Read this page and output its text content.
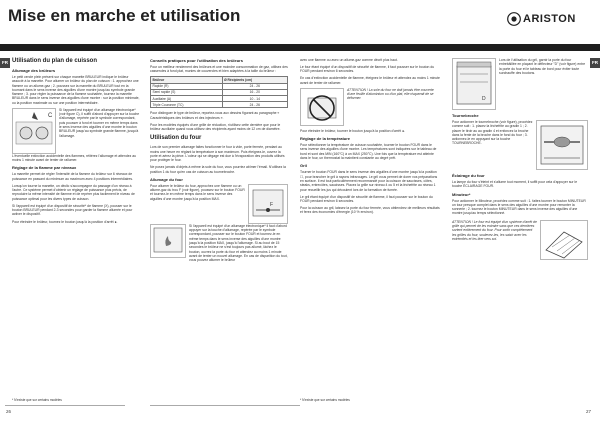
Mise en marche et utilisation	ARISTON
FR	FR
Utilisation du plan de cuisson
Allumage des brûleurs

Le petit cercle plein présent sur chaque manette BRULEUR indique le brûleur associé à la manette. Pour allumer un brûleur du plan de cuisson : 1. approchez une flamme ou un allume-gaz ; 2. poussez sur la manette du BRULEUR tout en la tournant dans le sens inverse des aiguilles d'une montre jusqu'au symbole grande flamme ; 3. pour régler la puissance de la flamme souhaitée, tournez la manette BRULEUR dans le sens inverse des aiguilles d'une montre : sur la position minimale, ou la position maximale ou sur une position intermédiaire.

C

Si l'appareil est équipé d'un allumage électronique* (voir figure C), il suffit d'abord d'appuyer sur la touche d'allumage, repérée par le symbole correspondant, puis pousser à fond et tourner en même temps dans le sens inverse des aiguilles d'une montre le bouton BRULEUR jusqu'au symbole grande flamme, jusqu'à l'allumage.

L'éventuelle extinction accidentelle des flammes, réitérez l'allumage et attendez au moins 1 minute avant de tenter de rallumer.

Réglage de la flamme par niveaux

La manette permet de régler l'intensité de la flamme du brûleur sur 6 niveaux de puissance en passant du minimum au maximum avec 4 positions intermédiaires.

Lorsqu'on tourne la manette, un déclic s'accompagne du passage d'un niveau à l'autre. Ce système permet d'obtenir un réglage de puissance plus précis, de reproduire la même intensité de flamme et de repérer plus facilement le niveau de puissance optimal pour les divers types de cuisson.

Si l'appareil est équipé d'un dispositif de sécurité* de flamme (X), pousser sur le bouton BRULEUR pendant 2-3 secondes pour garder la flamme allumée et pour activer le dispositif.

Pour éteindre le brûleur, tournez le bouton jusqu'à la position d'arrêt ●.

* N'existe que sur certains modèles
26
Conseils pratiques pour l'utilisation des brûleurs

Pour un meilleur rendement des brûleurs et une moindre consommation de gaz, utilisez des casseroles à fond plat, munies de couvercles et bien adaptées à la taille du brûleur :

Brûleur	Ø Récipients (cm)
Rapide (R)	24 - 26
Semi rapide (S)	16 - 20
Auxiliaire (A)	10 - 14
Triple Couronne (TC)	24 - 26

Pour distinguer le type de brûleur, reportez-vous aux dessins figurant au paragraphe « Caractéristiques des brûleurs et des injecteurs ».

Pour les modèles équipés d'une grille de réduction, n'utilisez cette dernière que pour le brûleur auxiliaire quand vous utilisez des récipients ayant moins de 12 cm de diamètre.

Utilisation du four

Lors de son premier allumage faites fonctionner le four à vide, porte fermée, pendant au moins une heure en réglant la température à son maximum. Puis éteignez-le, ouvrez la porte et aérez la pièce. L'odeur qui se dégage est due à l'évaporation des produits utilisés pour protéger le four.

Ne posez jamais d'objets à même la sole du four, vous pourriez abîmer l'émail. N'utilisez la position 1 du four qu'en cas de cuisson au tournebroche.

Allumage du four

Pour allumer le brûleur du four, approchez une flamme ou un allume-gaz du trou F (voir figure), poussez sur le bouton FOUR et tournez-le en même temps dans le sens inverse des aiguilles d'une montre jusqu'à la position MAX.

F

Si l'appareil est équipé d'un allumage électronique* il faut d'abord appuyer sur la touche d'allumage, repérée par le symbole correspondant, pousser sur le bouton FOUR et tournez-le en même temps dans le sens inverse des aiguilles d'une montre jusqu'à la position MAX, jusqu'à l'allumage. Si au bout de 15 secondes le brûleur ne s'est toujours pas allumé, lâchez le bouton, ouvrez la porte du four et attendez au moins 1 minute avant de tenter un nouvel allumage. En cas de disparition du tout, vous pouvez allumer le brûleur

avec une flamme ou avec un allume-gaz comme décrit plus haut.

Le four étant équipé d'un dispositif de sécurité de flamme, il faut pousser sur le bouton du FOUR pendant environ 6 secondes.

En cas d'extinction accidentelle de flamme, éteignez le brûleur et attendez au moins 1 minute avant de tenter de rallumer.

ATTENTION ! La sole du four ne doit jamais être couverte d'une feuille d'aluminium ou d'un plat, elle risquerait de se déformer.

Pour éteindre le brûleur, tourner le bouton jusqu'à la position d'arrêt ●.

Réglage de la température

Pour sélectionner la température de cuisson souhaitée, tourner le bouton FOUR dans le sens inverse des aiguilles d'une montre. Les températures sont indiquées sur le tableau de bord et sont des MIN (160°C) à un MAX (250°C). Une fois que la température est atteinte dans le four, un thermostat la maintient constante au degré prêt.

Gril

Tourner le bouton FOUR dans le sens inverse des aiguilles d'une montre jusqu'à la position ☐, pour brancher le gril à rayons infrarouges. Le gril vous permet de dorer vos préparations en surface. Il est tout particulièrement recommandé pour la cuisson de saucisses, côtes, steaks, entrecôtes, saucisses. Placez la grille sur niveau 4 ou 5 et la lèchefrite au niveau 1 pour recueillir les jus qui découlent lors de la formation de fumée.

Le gril étant équipé d'un dispositif de sécurité de flamme, il faut pousser sur le bouton du FOUR pendant environ 6 secondes.

Pour la cuisson au gril, laissez la porte du four fermée, vous obtiendrez de meilleurs résultats et ferez des économies d'énergie (10 % environ).

* N'existe que sur certains modèles
D

Lors de l'utilisation du gril, garnir la porte du four entrebâillée en plaçant le déflecteur "D" (voir figure) entre la porte du four et le tableau de bord pour éviter toute surchauffe des boutons.

Tournebroche

Pour actionner le tournebroche (voir figure), procédez comme suit : 1. placez la lèchefrite au gradin 1 ; 2. placer le tiroir au au gradin 4 et enfoncez la broche dans la fente de la broche dans le fond du four ; 3. actionnez-le en appuyant sur la touche TOURNEBROCHE.

Éclairage du four

La lampe du four s'éteint et s'allume tout moment, il suffit pour cela d'appuyer sur le touche ÉCLAIRAGE FOUR.

Minuteur*

Pour actionner le Minuteur, procédez comme suit : 1. faites tourner le bouton MINUTEUR un tour presque complet dans le sens des aiguilles d'une montre pour remonter la sonnerie ; 2. tournez le bouton MINUTEUR dans le sens inverse des aiguilles d'une montre jusqu'au temps sélectionné.

ATTENTION ! Le four est équipé d'un système d'arrêt de grille qui permet de les extraire sans que ces dernières sortent entièrement du four. Pour sortir complètement les grilles du four, soulevez-les, les saisir avec les extrémités et les tirer vers soi.

27
